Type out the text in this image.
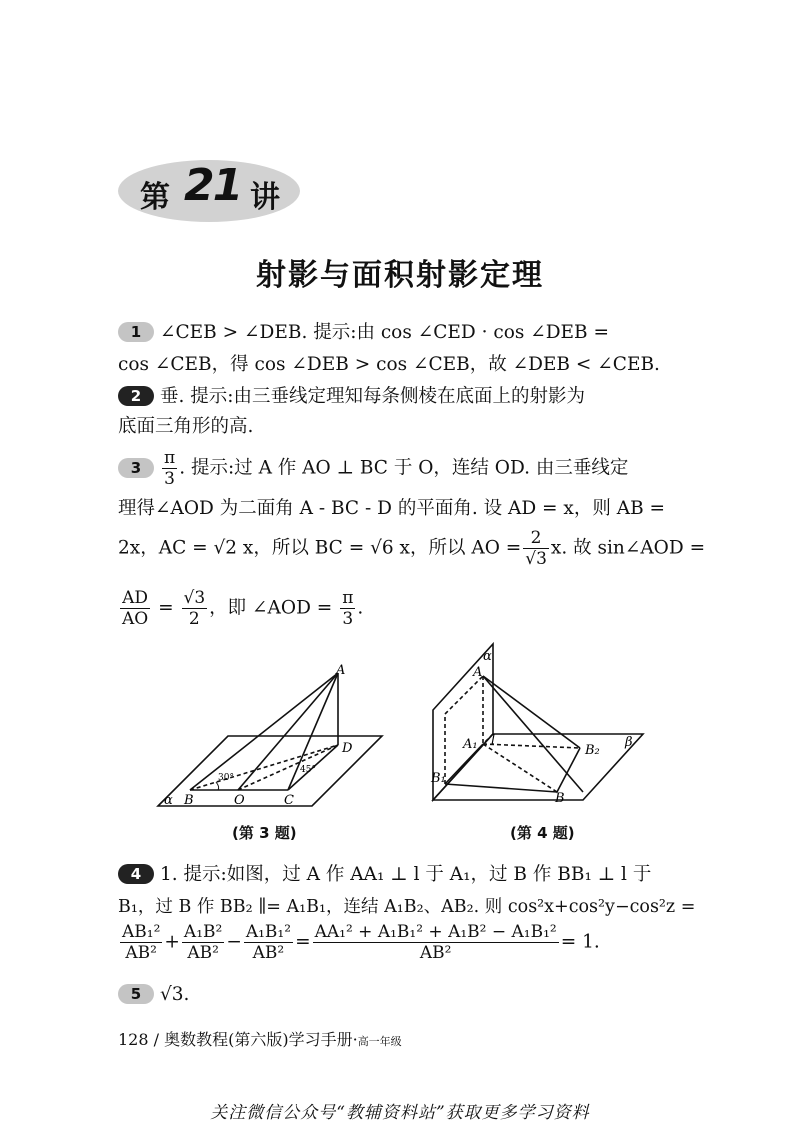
第 21 讲
射影与面积射影定理
1 ∠CEB > ∠DEB. 提示:由 cos ∠CED · cos ∠DEB =
cos ∠CEB，得 cos ∠DEB > cos ∠CEB，故 ∠DEB < ∠CEB.
2 垂. 提示:由三垂线定理知每条侧棱在底面上的射影为
底面三角形的高.
$3 \frac{\pi}{3}$ . 提示:过 A 作 AO ⊥ BC 于 O，连结 OD. 由三垂线定
理得∠AOD 为二面角 A - BC - D 的平面角. 设 AD = x，则 AB =
2x，AC = √2 x，所以 BC = √6 x，所以 AO = $\frac{2}{√3} x$. 故 sin∠AOD =
$\frac{AD}{AO} = \frac{√3}{2}$ ，即 ∠AOD = $\frac{\pi}{3}$ .
A
D
B	O	C
α
30°
45°
(第 3 题)
α
A
A₁ l
B₂
β
B₁
B
(第 4 题)
4 1. 提示:如图，过 A 作 AA₁ ⊥ l 于 A₁，过 B 作 BB₁ ⊥ l 于
B₁，过 B 作 BB₂ ∥= A₁B₁，连结 A₁B₂、AB₂. 则 cos²x+cos²y−cos²z =
$\frac{\text{AB₁²}}{\text{AB²}} + \frac{\text{A₁B²}}{\text{AB²}} - \frac{\text{A₁B₁²}}{\text{AB²}} = \frac{\text{AA₁² + A₁B₁² + A₁B² − A₁B₁²}}{\text{AB²}} = 1$.
5 √3.
128 / 奥数教程(第六版)学习手册·高一年级
关注微信公众号“教辅资料站”获取更多学习资料
